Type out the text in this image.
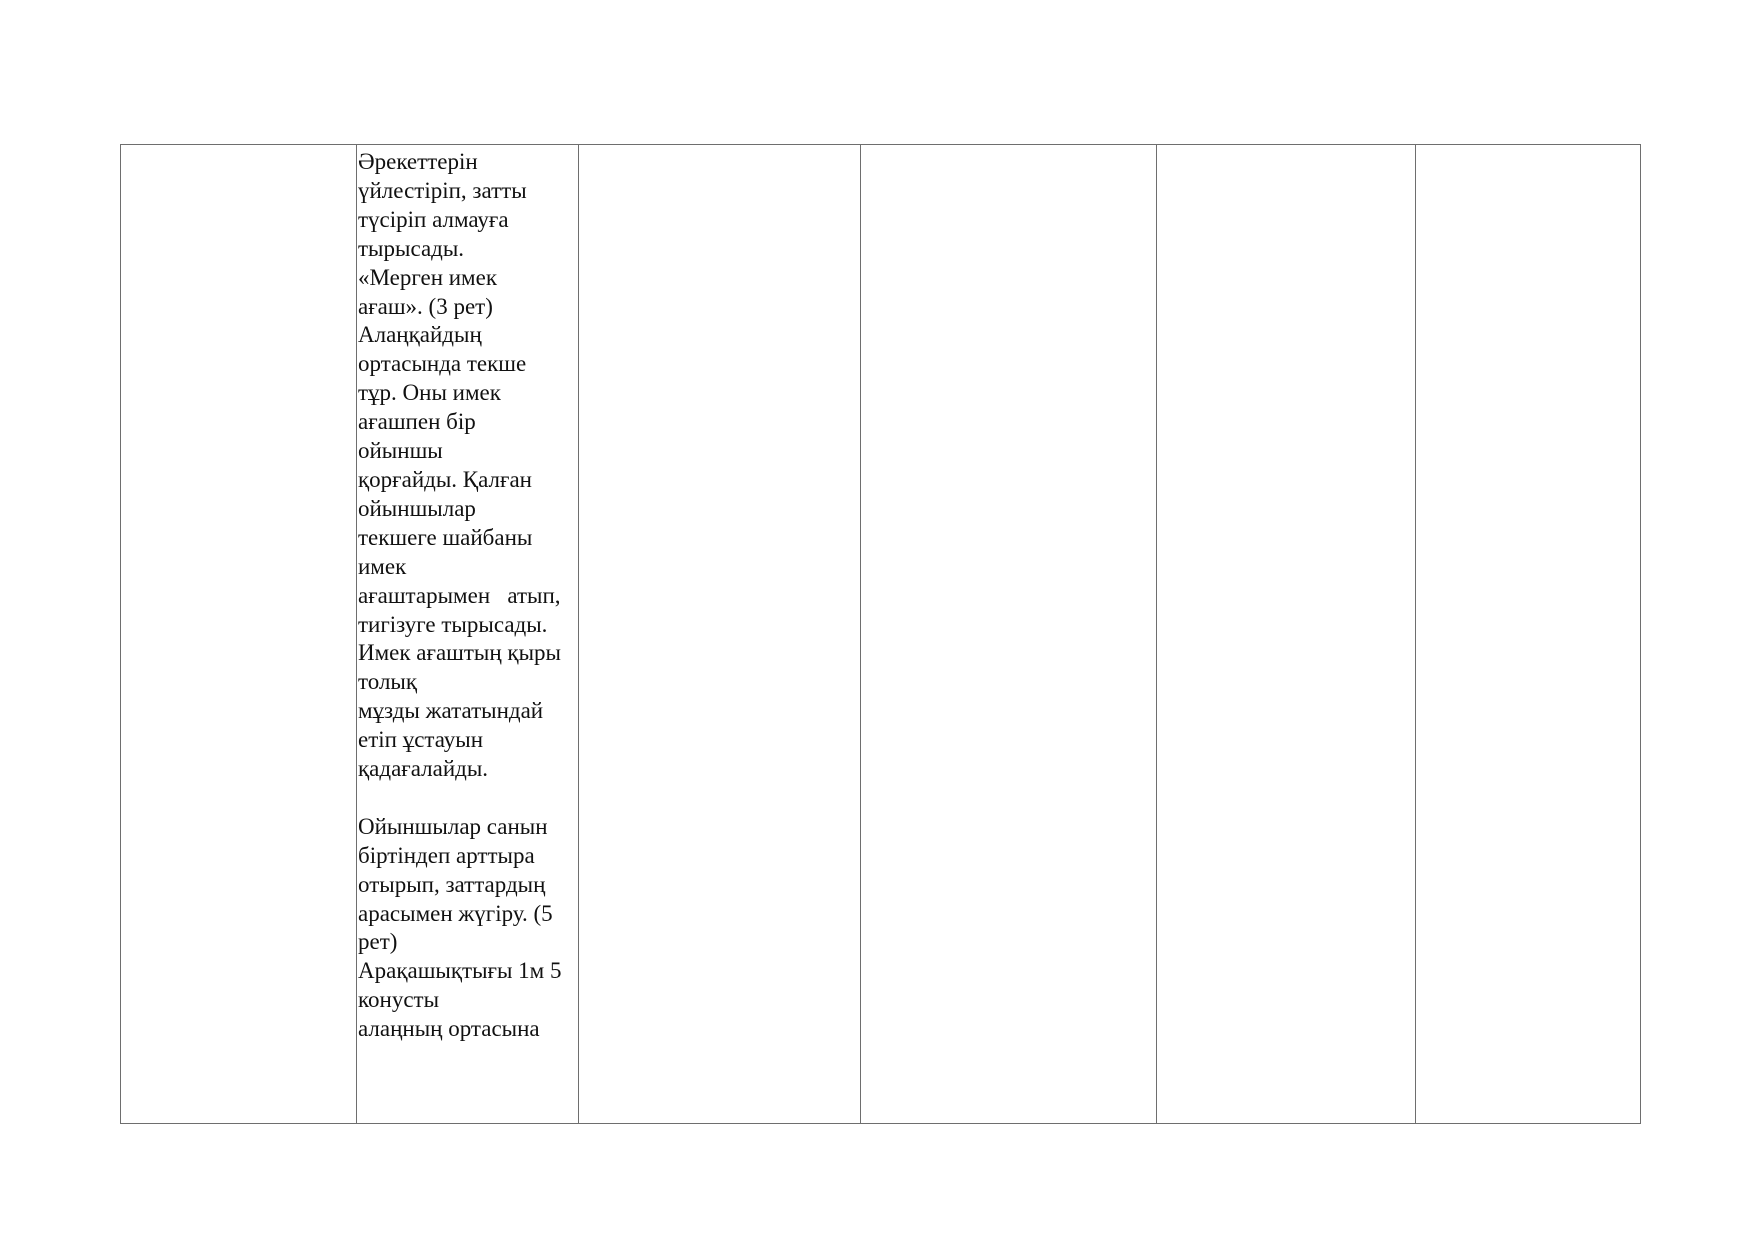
Әрекеттерін
үйлестіріп, затты
түсіріп алмауға
тырысады.
«Мерген имек
ағаш». (3 рет)
Алаңқайдың
ортасында текше
тұр. Оны имек
ағашпен бір
ойыншы
қорғайды. Қалған
ойыншылар
текшеге шайбаны
имек
ағаштарымен   атып,
тигізуге тырысады.
Имек ағаштың қыры
толық
мұзды жататындай
етіп ұстауын
қадағалайды.
Ойыншылар санын
біртіндеп арттыра
отырып, заттардың
арасымен жүгіру. (5
рет)
Арақашықтығы 1м 5
конусты
алаңның ортасына
